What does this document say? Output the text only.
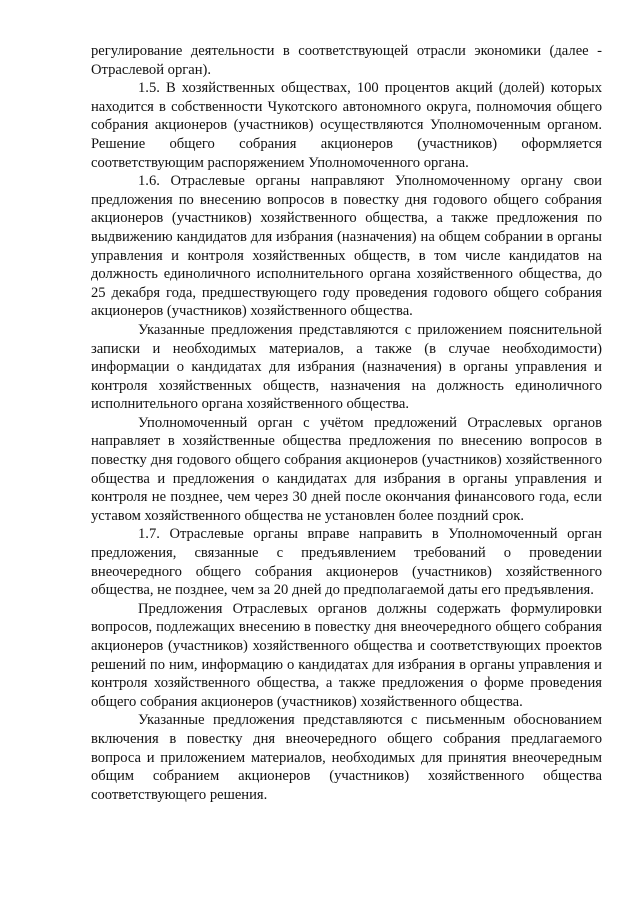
регулирование деятельности в соответствующей отрасли экономики (далее - Отраслевой орган).

1.5. В хозяйственных обществах, 100 процентов акций (долей) которых находится в собственности Чукотского автономного округа, полномочия общего собрания акционеров (участников) осуществляются Уполномоченным органом. Решение общего собрания акционеров (участников) оформляется соответствующим распоряжением Уполномоченного органа.

1.6. Отраслевые органы направляют Уполномоченному органу свои предложения по внесению вопросов в повестку дня годового общего собрания акционеров (участников) хозяйственного общества, а также предложения по выдвижению кандидатов для избрания (назначения) на общем собрании в органы управления и контроля хозяйственных обществ, в том числе кандидатов на должность единоличного исполнительного органа хозяйственного общества, до 25 декабря года, предшествующего году проведения годового общего собрания акционеров (участников) хозяйственного общества.

Указанные предложения представляются с приложением пояснительной записки и необходимых материалов, а также (в случае необходимости) информации о кандидатах для избрания (назначения) в органы управления и контроля хозяйственных обществ, назначения на должность единоличного исполнительного органа хозяйственного общества.

Уполномоченный орган с учётом предложений Отраслевых органов направляет в хозяйственные общества предложения по внесению вопросов в повестку дня годового общего собрания акционеров (участников) хозяйственного общества и предложения о кандидатах для избрания в органы управления и контроля не позднее, чем через 30 дней после окончания финансового года, если уставом хозяйственного общества не установлен более поздний срок.

1.7. Отраслевые органы вправе направить в Уполномоченный орган предложения, связанные с предъявлением требований о проведении внеочередного общего собрания акционеров (участников) хозяйственного общества, не позднее, чем за 20 дней до предполагаемой даты его предъявления.

Предложения Отраслевых органов должны содержать формулировки вопросов, подлежащих внесению в повестку дня внеочередного общего собрания акционеров (участников) хозяйственного общества и соответствующих проектов решений по ним, информацию о кандидатах для избрания в органы управления и контроля хозяйственного общества, а также предложения о форме проведения общего собрания акционеров (участников) хозяйственного общества.

Указанные предложения представляются с письменным обоснованием включения в повестку дня внеочередного общего собрания предлагаемого вопроса и приложением материалов, необходимых для принятия внеочередным общим собранием акционеров (участников) хозяйственного общества соответствующего решения.
